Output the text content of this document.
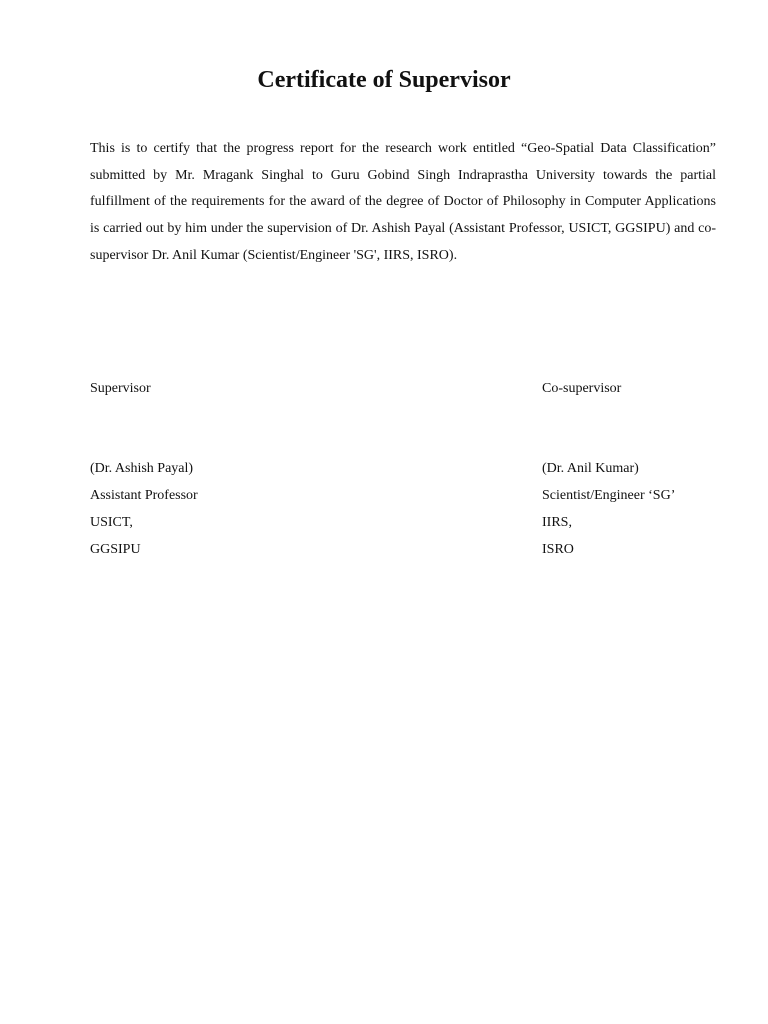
Certificate of Supervisor

This is to certify that the progress report for the research work entitled “Geo-Spatial Data Classification” submitted by Mr. Mragank Singhal to Guru Gobind Singh Indraprastha University towards the partial fulfillment of the requirements for the award of the degree of Doctor of Philosophy in Computer Applications is carried out by him under the supervision of Dr. Ashish Payal (Assistant Professor, USICT, GGSIPU) and co-supervisor Dr. Anil Kumar (Scientist/Engineer 'SG', IIRS, ISRO).

Supervisor
(Dr. Ashish Payal)
Assistant Professor
USICT,
GGSIPU
Co-supervisor
(Dr. Anil Kumar)
Scientist/Engineer ‘SG’
IIRS,
ISRO
